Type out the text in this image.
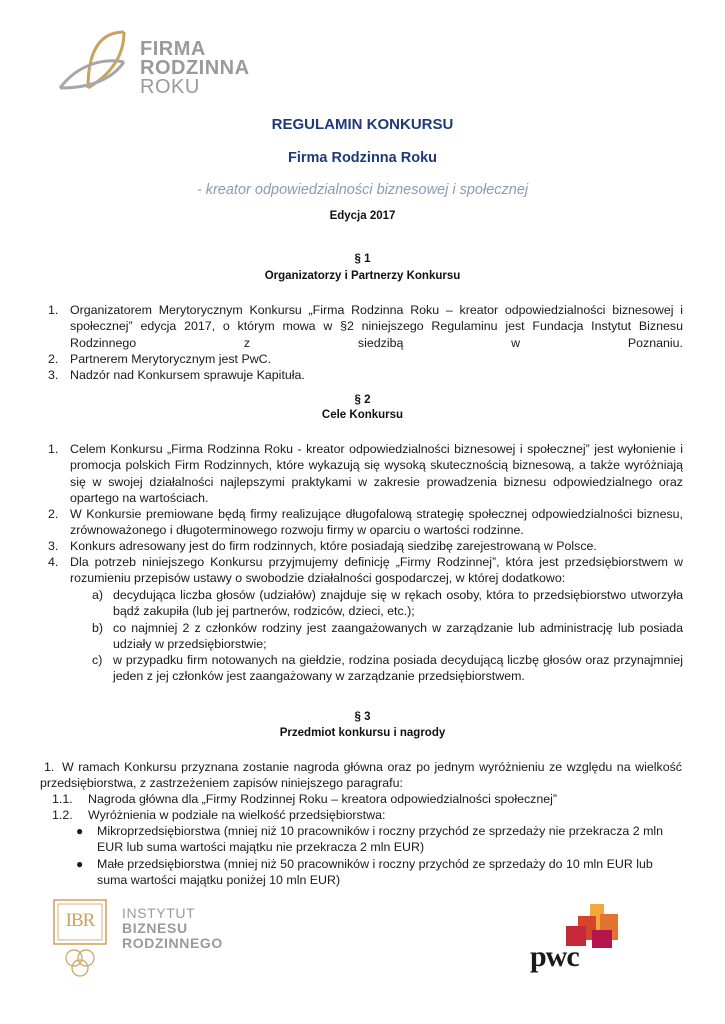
FIRMA
RODZINNA
ROKU
REGULAMIN KONKURSU
Firma Rodzinna Roku
- kreator odpowiedzialności biznesowej i społecznej
Edycja 2017
§ 1
Organizatorzy i Partnerzy Konkursu
1. Organizatorem Merytorycznym Konkursu „Firma Rodzinna Roku – kreator odpowiedzialności biznesowej i społecznej” edycja 2017, o którym mowa w §2 niniejszego Regulaminu jest Fundacja Instytut Biznesu Rodzinnego z siedzibą w Poznaniu.
2. Partnerem Merytorycznym jest PwC.
3. Nadzór nad Konkursem sprawuje Kapituła.
§ 2
Cele Konkursu
1. Celem Konkursu „Firma Rodzinna Roku - kreator odpowiedzialności biznesowej i społecznej” jest wyłonienie i promocja polskich Firm Rodzinnych, które wykazują się wysoką skutecznością biznesową, a także wyróżniają się w swojej działalności najlepszymi praktykami w zakresie prowadzenia biznesu odpowiedzialnego oraz opartego na wartościach.
2. W Konkursie premiowane będą firmy realizujące długofalową strategię społecznej odpowiedzialności biznesu, zrównoważonego i długoterminowego rozwoju firmy w oparciu o wartości rodzinne.
3. Konkurs adresowany jest do firm rodzinnych, które posiadają siedzibę zarejestrowaną w Polsce.
4. Dla potrzeb niniejszego Konkursu przyjmujemy definicję „Firmy Rodzinnej”, która jest przedsiębiorstwem w rozumieniu przepisów ustawy o swobodzie działalności gospodarczej, w której dodatkowo:
a) decydująca liczba głosów (udziałów) znajduje się w rękach osoby, która to przedsiębiorstwo utworzyła bądź zakupiła (lub jej partnerów, rodziców, dzieci, etc.);
b) co najmniej 2 z członków rodziny jest zaangażowanych w zarządzanie lub administrację lub posiada udziały w przedsiębiorstwie;
c) w przypadku firm notowanych na giełdzie, rodzina posiada decydującą liczbę głosów oraz przynajmniej jeden z jej członków jest zaangażowany w zarządzanie przedsiębiorstwem.
§ 3
Przedmiot konkursu i nagrody
1. W ramach Konkursu przyznana zostanie nagroda główna oraz po jednym wyróżnieniu ze względu na wielkość przedsiębiorstwa, z zastrzeżeniem zapisów niniejszego paragrafu:
1.1. Nagroda główna dla „Firmy Rodzinnej Roku – kreatora odpowiedzialności społecznej”
1.2. Wyróżnienia w podziale na wielkość przedsiębiorstwa:
● Mikroprzedsiębiorstwa (mniej niż 10 pracowników i roczny przychód ze sprzedaży nie przekracza 2 mln EUR lub suma wartości majątku nie przekracza 2 mln EUR)
● Małe przedsiębiorstwa (mniej niż 50 pracowników i roczny przychód ze sprzedaży do 10 mln EUR lub suma wartości majątku poniżej 10 mln EUR)
IBR	INSTYTUT
BIZNESU
RODZINNEGO	pwc
